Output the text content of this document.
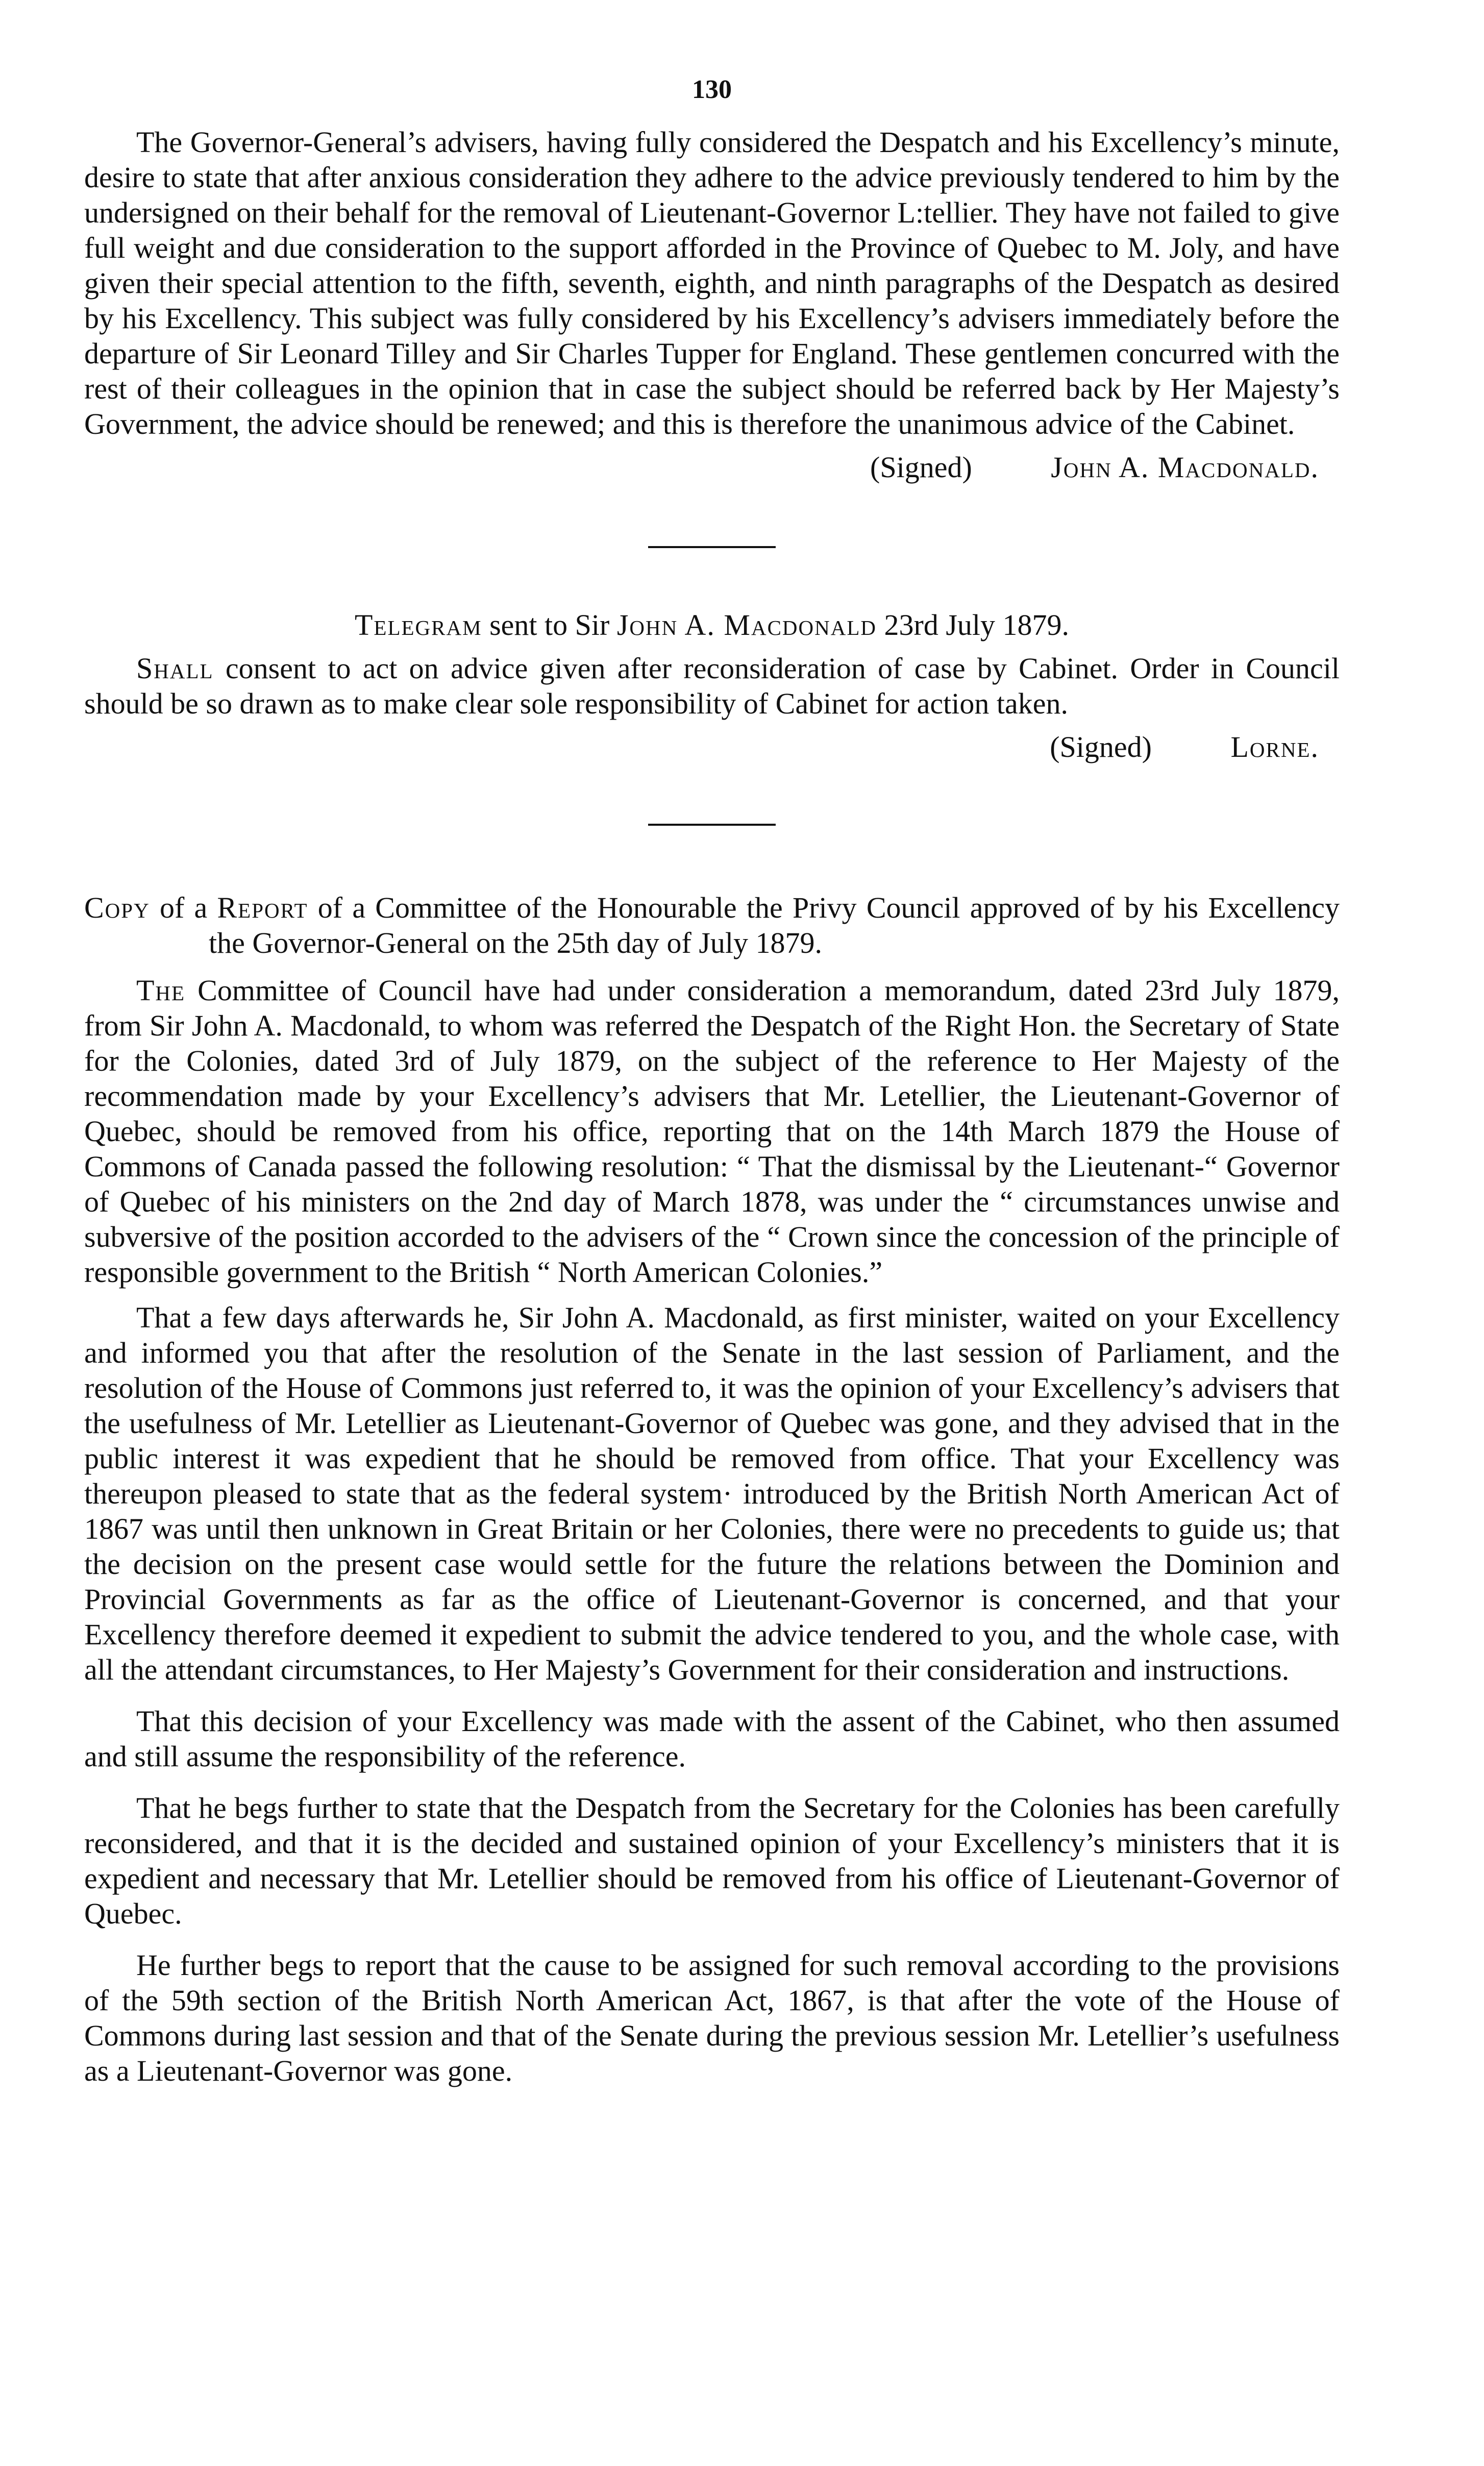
130

The Governor-General’s advisers, having fully considered the Despatch and his Excellency’s minute, desire to state that after anxious consideration they adhere to the advice previously tendered to him by the undersigned on their behalf for the removal of Lieutenant-Governor L:tellier. They have not failed to give full weight and due consideration to the support afforded in the Province of Quebec to M. Joly, and have given their special attention to the fifth, seventh, eighth, and ninth paragraphs of the Despatch as desired by his Excellency. This subject was fully considered by his Excellency’s advisers immediately before the departure of Sir Leonard Tilley and Sir Charles Tupper for England. These gentlemen concurred with the rest of their colleagues in the opinion that in case the subject should be referred back by Her Majesty’s Government, the advice should be renewed; and this is therefore the unanimous advice of the Cabinet.

(Signed)	John A. Macdonald.
Telegram sent to Sir John A. Macdonald 23rd July 1879.

Shall consent to act on advice given after reconsideration of case by Cabinet. Order in Council should be so drawn as to make clear sole responsibility of Cabinet for action taken.

(Signed)	Lorne.
Copy of a Report of a Committee of the Honourable the Privy Council approved of by his Excellency the Governor-General on the 25th day of July 1879.

The Committee of Council have had under consideration a memorandum, dated 23rd July 1879, from Sir John A. Macdonald, to whom was referred the Despatch of the Right Hon. the Secretary of State for the Colonies, dated 3rd of July 1879, on the subject of the reference to Her Majesty of the recommendation made by your Excellency’s advisers that Mr. Letellier, the Lieutenant-Governor of Quebec, should be removed from his office, reporting that on the 14th March 1879 the House of Commons of Canada passed the following resolution: “ That the dismissal by the Lieutenant-“ Governor of Quebec of his ministers on the 2nd day of March 1878, was under the “ circumstances unwise and subversive of the position accorded to the advisers of the “ Crown since the concession of the principle of responsible government to the British “ North American Colonies.”

That a few days afterwards he, Sir John A. Macdonald, as first minister, waited on your Excellency and informed you that after the resolution of the Senate in the last session of Parliament, and the resolution of the House of Commons just referred to, it was the opinion of your Excellency’s advisers that the usefulness of Mr. Letellier as Lieutenant-Governor of Quebec was gone, and they advised that in the public interest it was expedient that he should be removed from office. That your Excellency was thereupon pleased to state that as the federal system· introduced by the British North American Act of 1867 was until then unknown in Great Britain or her Colonies, there were no precedents to guide us; that the decision on the present case would settle for the future the relations between the Dominion and Provincial Governments as far as the office of Lieutenant-Governor is concerned, and that your Excellency therefore deemed it expedient to submit the advice tendered to you, and the whole case, with all the attendant circumstances, to Her Majesty’s Government for their consideration and instructions.

That this decision of your Excellency was made with the assent of the Cabinet, who then assumed and still assume the responsibility of the reference.

That he begs further to state that the Despatch from the Secretary for the Colonies has been carefully reconsidered, and that it is the decided and sustained opinion of your Excellency’s ministers that it is expedient and necessary that Mr. Letellier should be removed from his office of Lieutenant-Governor of Quebec.

He further begs to report that the cause to be assigned for such removal according to the provisions of the 59th section of the British North American Act, 1867, is that after the vote of the House of Commons during last session and that of the Senate during the previous session Mr. Letellier’s usefulness as a Lieutenant-Governor was gone.
